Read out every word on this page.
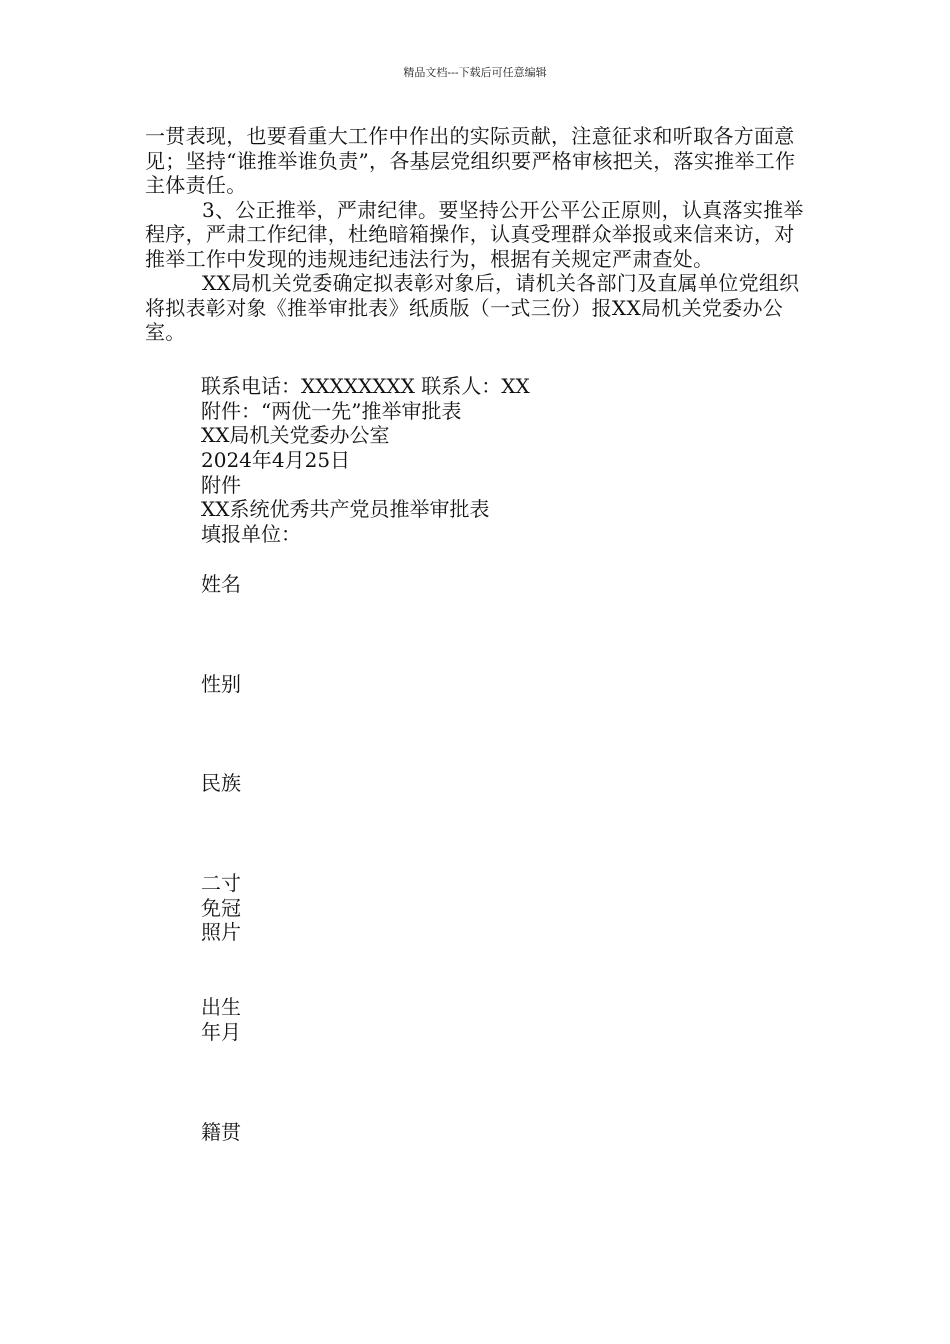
精品文档---下载后可任意编辑

一贯表现，也要看重大工作中作出的实际贡献，注意征求和听取各方面意见；坚持“谁推举谁负责”，各基层党组织要严格审核把关，落实推举工作主体责任。

3、公正推举，严肃纪律。要坚持公开公平公正原则，认真落实推举程序，严肃工作纪律，杜绝暗箱操作，认真受理群众举报或来信来访，对推举工作中发现的违规违纪违法行为，根据有关规定严肃查处。

XX局机关党委确定拟表彰对象后，请机关各部门及直属单位党组织将拟表彰对象《推举审批表》纸质版（一式三份）报XX局机关党委办公室。

联系电话：XXXXXXXX 联系人：XX
附件：“两优一先”推举审批表
XX局机关党委办公室
2024年4月25日
附件
XX系统优秀共产党员推举审批表
填报单位：
姓名
性别
民族
二寸
免冠
照片
出生
年月
籍贯
